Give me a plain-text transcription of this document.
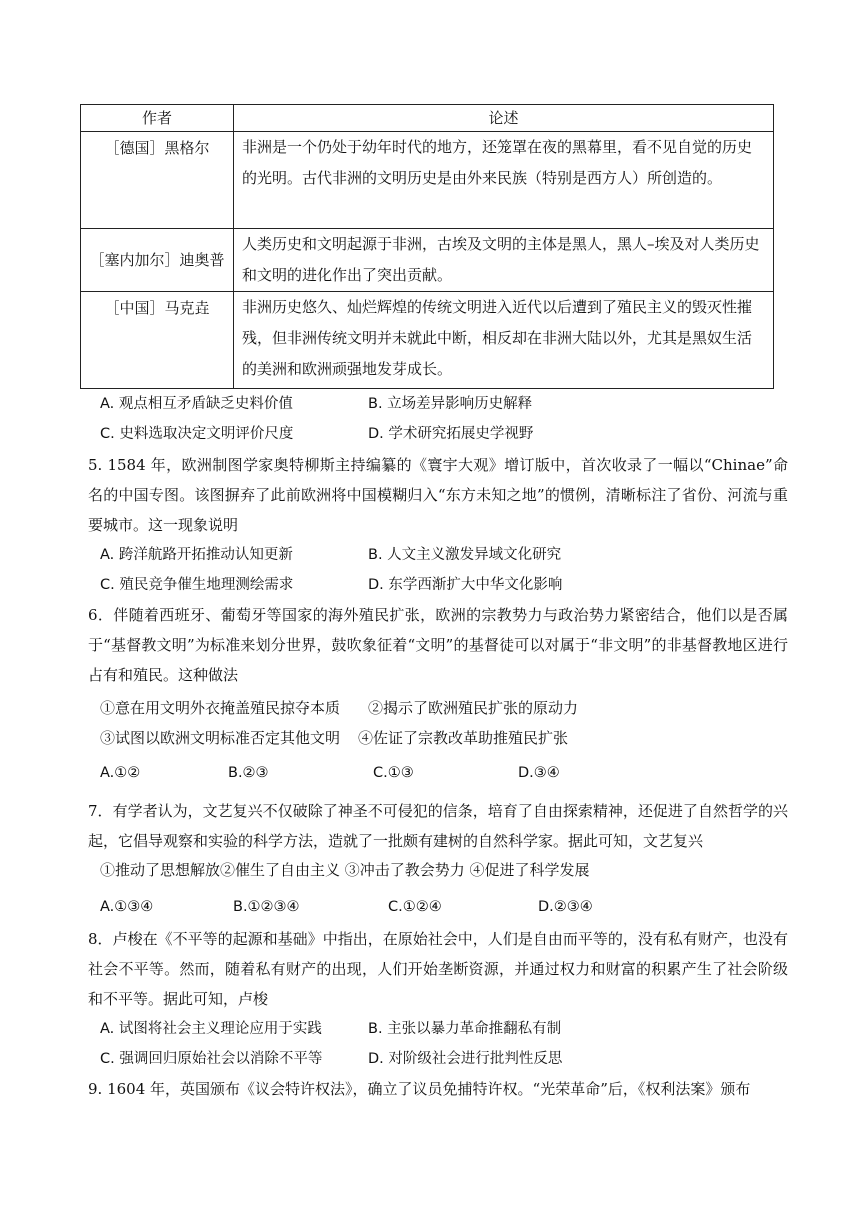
作者	论述
［德国］黑格尔	非洲是一个仍处于幼年时代的地方，还笼罩在夜的黑幕里，看不见自觉的历史的光明。古代非洲的文明历史是由外来民族（特别是西方人）所创造的。
［塞内加尔］迪奥普	人类历史和文明起源于非洲，古埃及文明的主体是黑人，黑人–埃及对人类历史和文明的进化作出了突出贡献。
［中国］马克垚	非洲历史悠久、灿烂辉煌的传统文明进入近代以后遭到了殖民主义的毁灭性摧残，但非洲传统文明并未就此中断，相反却在非洲大陆以外，尤其是黑奴生活的美洲和欧洲顽强地发芽成长。
A. 观点相互矛盾缺乏史料价值	B. 立场差异影响历史解释
C. 史料选取决定文明评价尺度	D. 学术研究拓展史学视野
5. 1584 年，欧洲制图学家奥特柳斯主持编纂的《寰宇大观》增订版中，首次收录了一幅以“Chinae”命名的中国专图。该图摒弃了此前欧洲将中国模糊归入“东方未知之地”的惯例，清晰标注了省份、河流与重要城市。这一现象说明
A. 跨洋航路开拓推动认知更新	B. 人文主义激发异域文化研究
C. 殖民竞争催生地理测绘需求	D. 东学西渐扩大中华文化影响
6．伴随着西班牙、葡萄牙等国家的海外殖民扩张，欧洲的宗教势力与政治势力紧密结合，他们以是否属于“基督教文明”为标准来划分世界，鼓吹象征着“文明”的基督徒可以对属于“非文明”的非基督教地区进行占有和殖民。这种做法
①意在用文明外衣掩盖殖民掠夺本质 ②揭示了欧洲殖民扩张的原动力
③试图以欧洲文明标准否定其他文明 ④佐证了宗教改革助推殖民扩张
A.①②	B.②③	C.①③	D.③④
7．有学者认为，文艺复兴不仅破除了神圣不可侵犯的信条，培育了自由探索精神，还促进了自然哲学的兴起，它倡导观察和实验的科学方法，造就了一批颇有建树的自然科学家。据此可知，文艺复兴
①推动了思想解放②催生了自由主义 ③冲击了教会势力 ④促进了科学发展
A.①③④	B.①②③④	C.①②④	D.②③④
8．卢梭在《不平等的起源和基础》中指出，在原始社会中，人们是自由而平等的，没有私有财产，也没有社会不平等。然而，随着私有财产的出现，人们开始垄断资源，并通过权力和财富的积累产生了社会阶级和不平等。据此可知，卢梭
A. 试图将社会主义理论应用于实践	B. 主张以暴力革命推翻私有制
C. 强调回归原始社会以消除不平等	D. 对阶级社会进行批判性反思
9. 1604 年，英国颁布《议会特许权法》，确立了议员免捕特许权。“光荣革命”后，《权利法案》颁布
